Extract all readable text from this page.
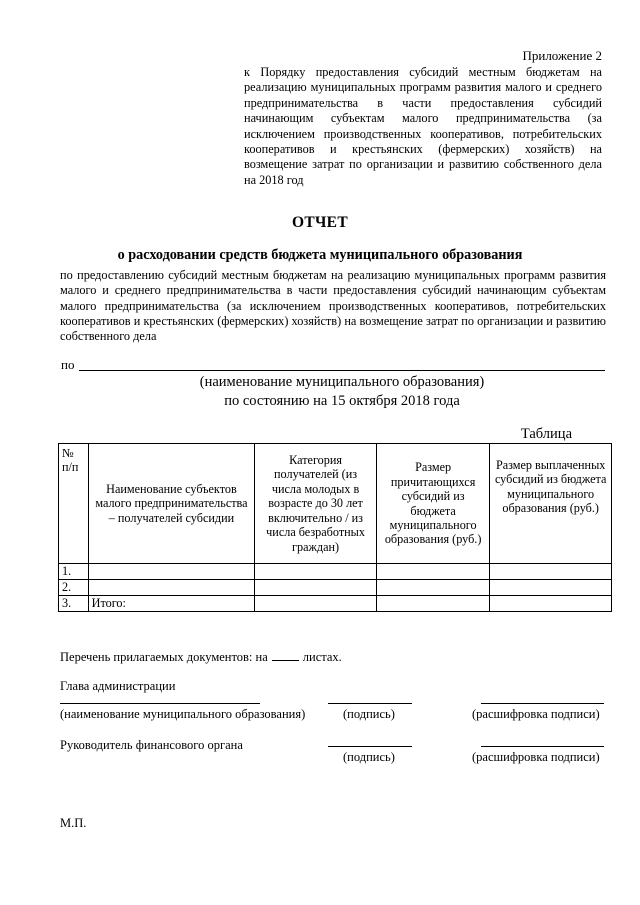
Приложение 2
к Порядку предоставления субсидий местным бюджетам на реализацию муниципальных программ развития малого и среднего предпринимательства в части предоставления субсидий начинающим субъектам малого предпринимательства (за исключением производственных кооперативов, потребительских кооперативов и крестьянских (фермерских) хозяйств) на возмещение затрат по организации и развитию собственного дела на 2018 год
ОТЧЕТ
о расходовании средств бюджета муниципального образования
по предоставлению субсидий местным бюджетам на реализацию муниципальных программ развития малого и среднего предпринимательства в части предоставления субсидий начинающим субъектам малого предпринимательства (за исключением производственных кооперативов, потребительских кооперативов и крестьянских (фермерских) хозяйств) на возмещение затрат по организации и развитию собственного дела
по
(наименование муниципального образования)
по состоянию на 15 октября 2018 года
Таблица
№ п/п	Наименование субъектов малого предпринимательства – получателей субсидии	Категория получателей (из числа молодых в возрасте до 30 лет включительно / из числа безработных граждан)	Размер причитающихся субсидий из бюджета муниципального образования (руб.)	Размер выплаченных субсидий из бюджета муниципального образования (руб.)
1.				
2.				
3.	Итого:			
Перечень прилагаемых документов: на	листах.
Глава администрации
(наименование муниципального образования)	(подпись)	(расшифровка подписи)
Руководитель финансового органа
(подпись)	(расшифровка подписи)
М.П.
